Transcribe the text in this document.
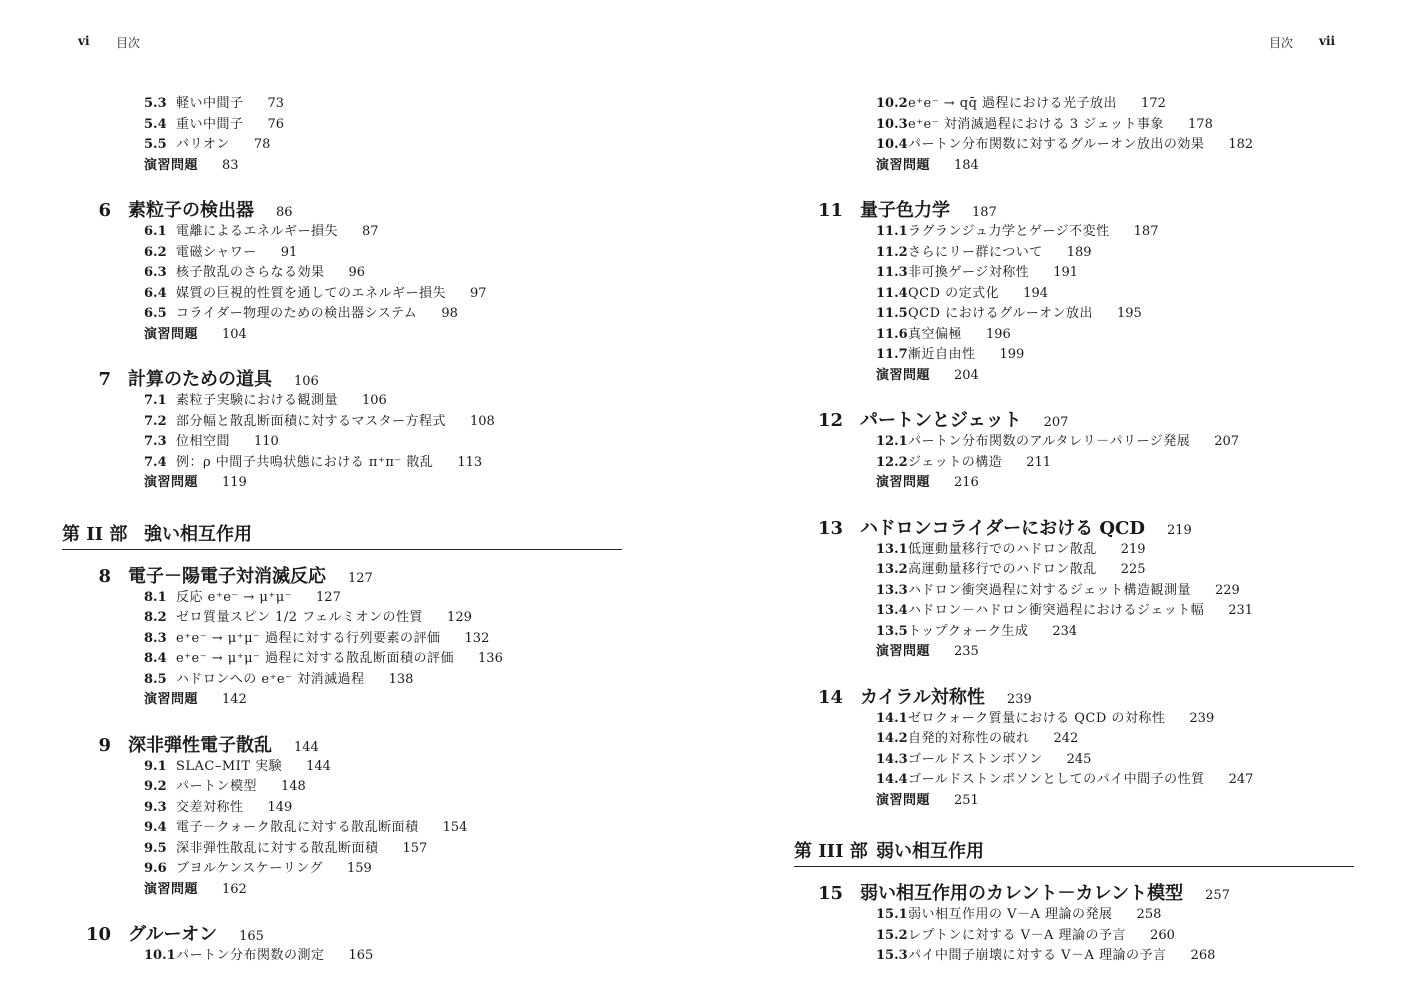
vi 目次
5.3 軽い中間子 73
5.4 重い中間子 76
5.5 バリオン 78
演習問題 83
6 素粒子の検出器 86
6.1 電離によるエネルギー損失 87
6.2 電磁シャワー 91
6.3 核子散乱のさらなる効果 96
6.4 媒質の巨視的性質を通してのエネルギー損失 97
6.5 コライダー物理のための検出器システム 98
演習問題 104
7 計算のための道具 106
7.1 素粒子実験における観測量 106
7.2 部分幅と散乱断面積に対するマスター方程式 108
7.3 位相空間 110
7.4 例：ρ 中間子共鳴状態における π⁺π⁻ 散乱 113
演習問題 119
第 II 部 強い相互作用
8 電子－陽電子対消滅反応 127
8.1 反応 e⁺e⁻ → μ⁺μ⁻ 127
8.2 ゼロ質量スピン 1/2 フェルミオンの性質 129
8.3 e⁺e⁻ → μ⁺μ⁻ 過程に対する行列要素の評価 132
8.4 e⁺e⁻ → μ⁺μ⁻ 過程に対する散乱断面積の評価 136
8.5 ハドロンへの e⁺e⁻ 対消滅過程 138
演習問題 142
9 深非弾性電子散乱 144
9.1 SLAC–MIT 実験 144
9.2 パートン模型 148
9.3 交差対称性 149
9.4 電子－クォーク散乱に対する散乱断面積 154
9.5 深非弾性散乱に対する散乱断面積 157
9.6 ブヨルケンスケーリング 159
演習問題 162
10 グルーオン 165
10.1 パートン分布関数の測定 165
目次 vii
10.2 e⁺e⁻ → qq̄ 過程における光子放出 172
10.3 e⁺e⁻ 対消滅過程における 3 ジェット事象 178
10.4 パートン分布関数に対するグルーオン放出の効果 182
演習問題 184
11 量子色力学 187
11.1 ラグランジュ力学とゲージ不変性 187
11.2 さらにリー群について 189
11.3 非可換ゲージ対称性 191
11.4 QCD の定式化 194
11.5 QCD におけるグルーオン放出 195
11.6 真空偏極 196
11.7 漸近自由性 199
演習問題 204
12 パートンとジェット 207
12.1 パートン分布関数のアルタレリ－パリージ発展 207
12.2 ジェットの構造 211
演習問題 216
13 ハドロンコライダーにおける QCD 219
13.1 低運動量移行でのハドロン散乱 219
13.2 高運動量移行でのハドロン散乱 225
13.3 ハドロン衝突過程に対するジェット構造観測量 229
13.4 ハドロン－ハドロン衝突過程におけるジェット幅 231
13.5 トップクォーク生成 234
演習問題 235
14 カイラル対称性 239
14.1 ゼロクォーク質量における QCD の対称性 239
14.2 自発的対称性の破れ 242
14.3 ゴールドストンボソン 245
14.4 ゴールドストンボソンとしてのパイ中間子の性質 247
演習問題 251
第 III 部 弱い相互作用
15 弱い相互作用のカレント－カレント模型 257
15.1 弱い相互作用の V－A 理論の発展 258
15.2 レプトンに対する V－A 理論の予言 260
15.3 パイ中間子崩壊に対する V－A 理論の予言 268
